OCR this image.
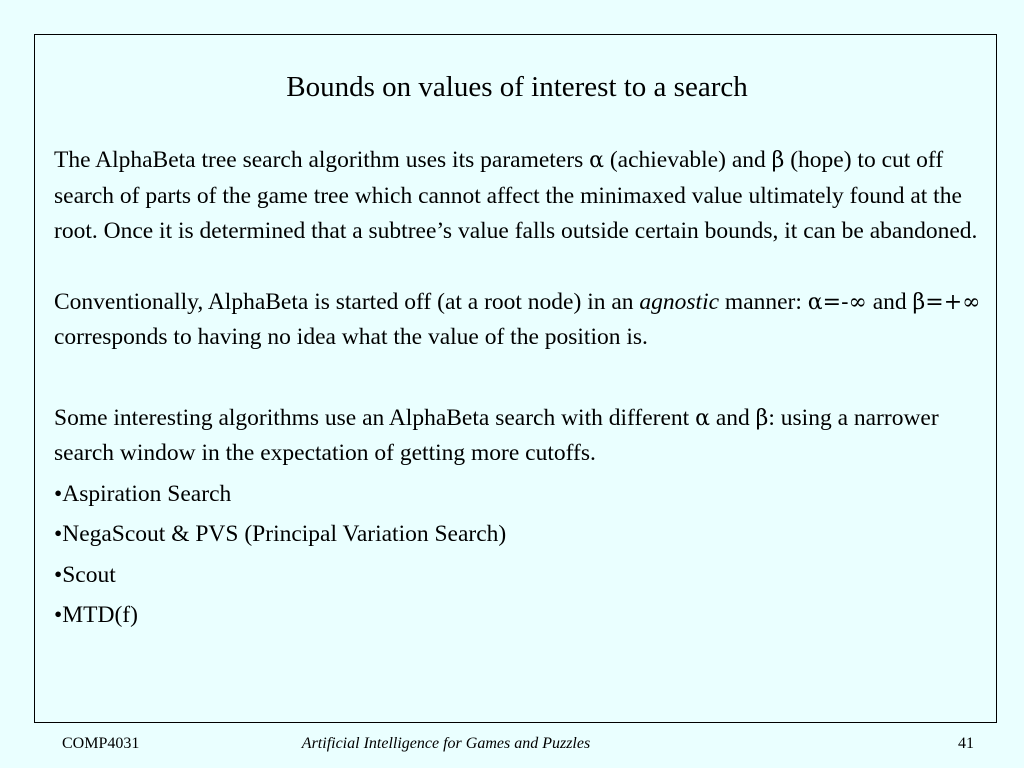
Bounds on values of interest to a search

The AlphaBeta tree search algorithm uses its parameters α (achievable) and β (hope) to cut off search of parts of the game tree which cannot affect the minimaxed value ultimately found at the root. Once it is determined that a subtree’s value falls outside certain bounds, it can be abandoned.

Conventionally, AlphaBeta is started off (at a root node) in an agnostic manner: α=-∞ and β=+∞ corresponds to having no idea what the value of the position is.

Some interesting algorithms use an AlphaBeta search with different α and β: using a narrower search window in the expectation of getting more cutoffs.

•Aspiration Search

•NegaScout & PVS (Principal Variation Search)

•Scout

•MTD(f)

COMP4031	Artificial Intelligence for Games and Puzzles	41
